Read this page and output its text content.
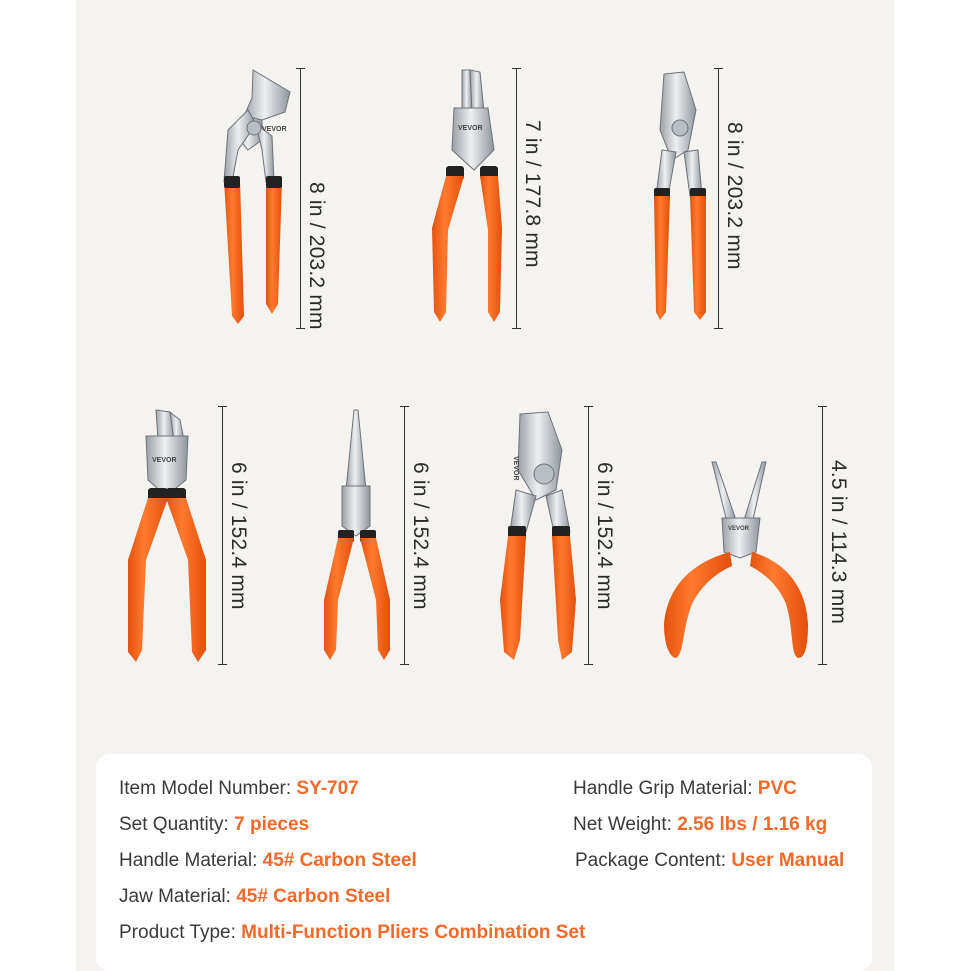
VEVOR	VEVOR
VEVOR	VEVOR
VEVOR
8 in / 203.2 mm	7 in / 177.8 mm	8 in / 203.2 mm
6 in / 152.4 mm	6 in / 152.4 mm	6 in / 152.4 mm	4.5 in / 114.3 mm
Item Model Number: SY-707
Set Quantity: 7 pieces
Handle Material: 45# Carbon Steel
Jaw Material: 45# Carbon Steel
Product Type: Multi-Function Pliers Combination Set
Handle Grip Material: PVC
Net Weight: 2.56 lbs / 1.16 kg
Package Content: User Manual
